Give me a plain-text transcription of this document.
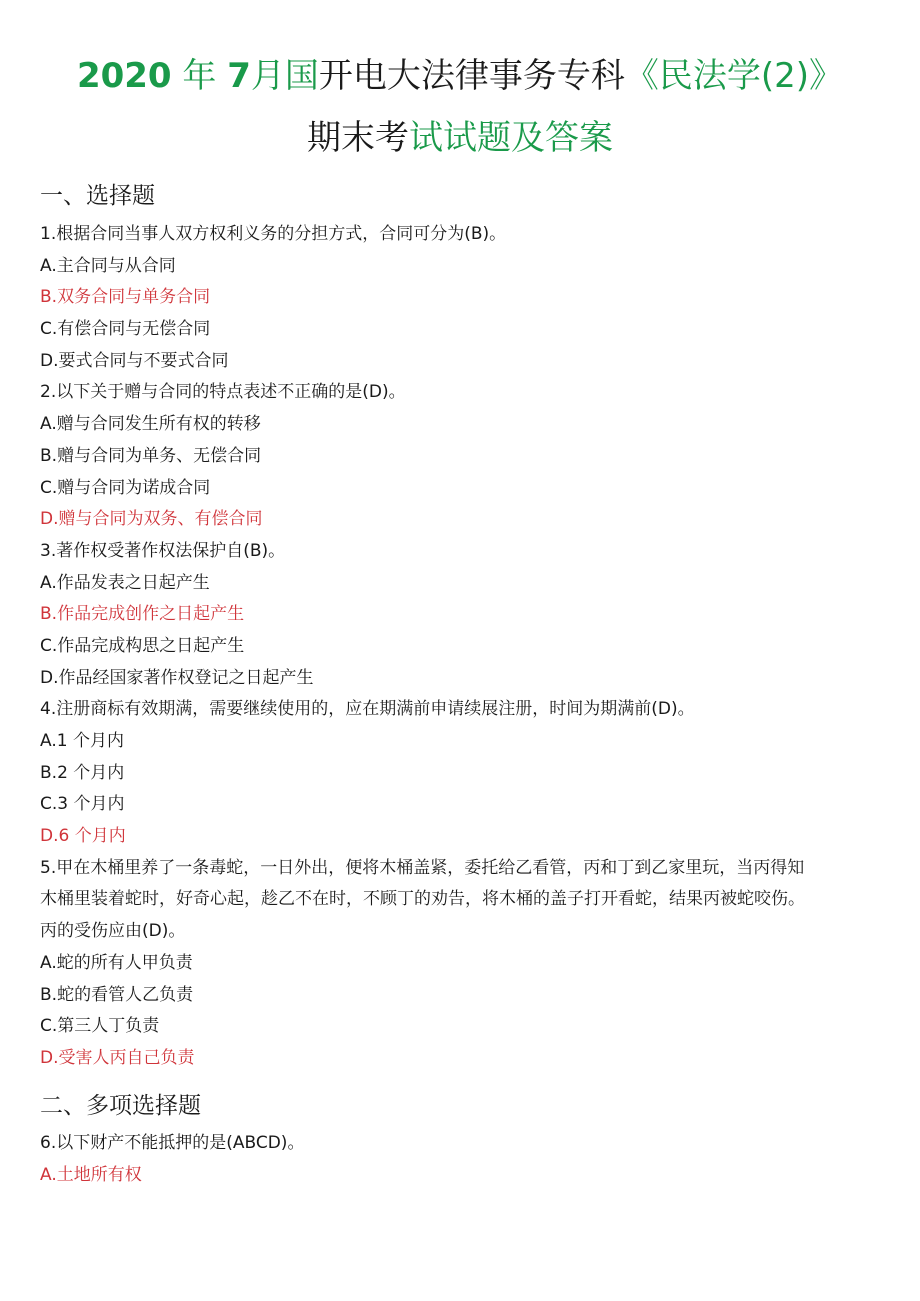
2020 年 7月国开电大法律事务专科《民法学(2)》
期末考试试题及答案
一、选择题
1.根据合同当事人双方权利义务的分担方式，合同可分为(B)。
A.主合同与从合同
B.双务合同与单务合同
C.有偿合同与无偿合同
D.要式合同与不要式合同
2.以下关于赠与合同的特点表述不正确的是(D)。
A.赠与合同发生所有权的转移
B.赠与合同为单务、无偿合同
C.赠与合同为诺成合同
D.赠与合同为双务、有偿合同
3.著作权受著作权法保护自(B)。
A.作品发表之日起产生
B.作品完成创作之日起产生
C.作品完成构思之日起产生
D.作品经国家著作权登记之日起产生
4.注册商标有效期满，需要继续使用的，应在期满前申请续展注册，时间为期满前(D)。
A.1 个月内
B.2 个月内
C.3 个月内
D.6 个月内
5.甲在木桶里养了一条毒蛇，一日外出，便将木桶盖紧，委托给乙看管，丙和丁到乙家里玩，当丙得知
木桶里装着蛇时，好奇心起，趁乙不在时，不顾丁的劝告，将木桶的盖子打开看蛇，结果丙被蛇咬伤。
丙的受伤应由(D)。
A.蛇的所有人甲负责
B.蛇的看管人乙负责
C.第三人丁负责
D.受害人丙自己负责
二、多项选择题
6.以下财产不能抵押的是(ABCD)。
A.土地所有权
